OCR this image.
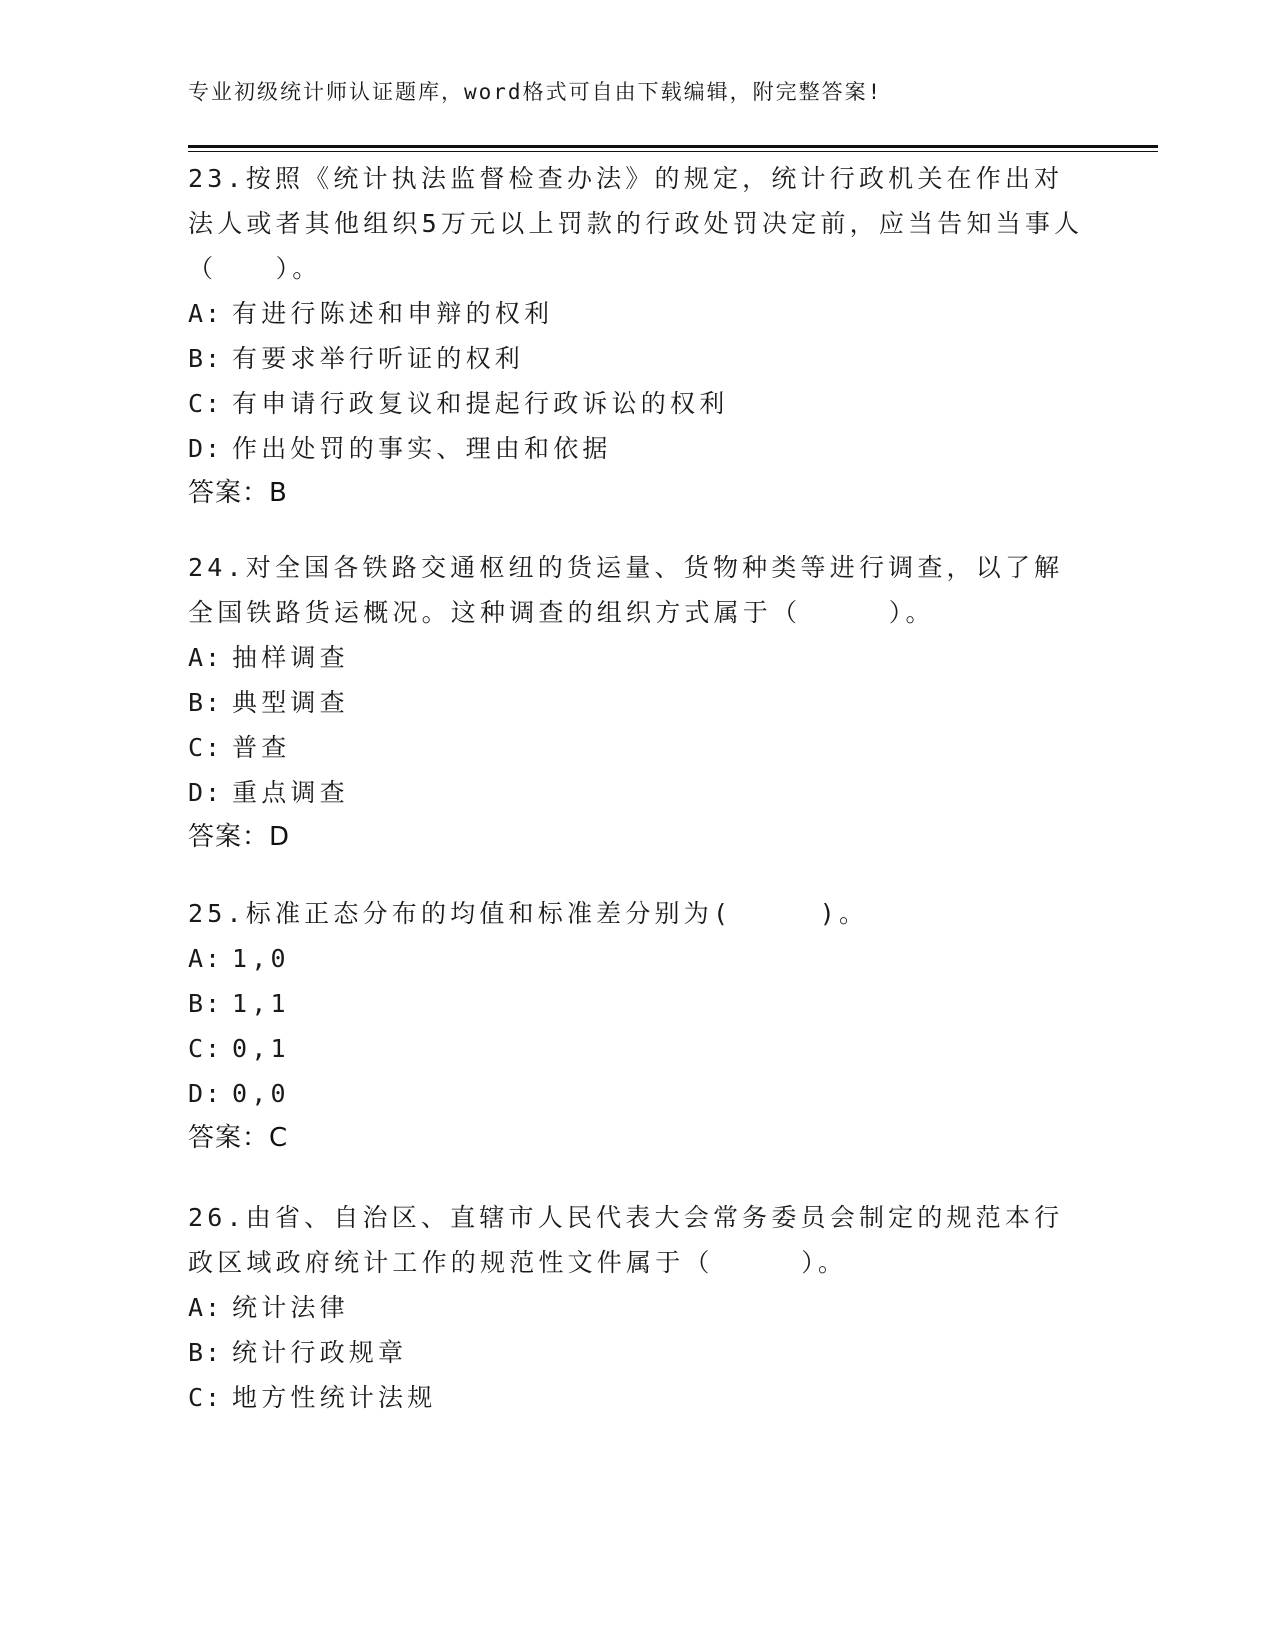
专业初级统计师认证题库，word格式可自由下载编辑，附完整答案!

23.按照《统计执法监督检查办法》的规定，统计行政机关在作出对法人或者其他组织5万元以上罚款的行政处罚决定前，应当告知当事人（　　）。

A: 有进行陈述和申辩的权利

B: 有要求举行听证的权利

C: 有申请行政复议和提起行政诉讼的权利

D: 作出处罚的事实、理由和依据

答案：B

24.对全国各铁路交通枢纽的货运量、货物种类等进行调查，以了解全国铁路货运概况。这种调查的组织方式属于（　　　）。

A: 抽样调查

B: 典型调查

C: 普查

D: 重点调查

答案：D

25.标准正态分布的均值和标准差分别为(　　　)。

A: 1,0

B: 1,1

C: 0,1

D: 0,0

答案：C

26.由省、自治区、直辖市人民代表大会常务委员会制定的规范本行政区域政府统计工作的规范性文件属于（　　　）。

A: 统计法律

B: 统计行政规章

C: 地方性统计法规
